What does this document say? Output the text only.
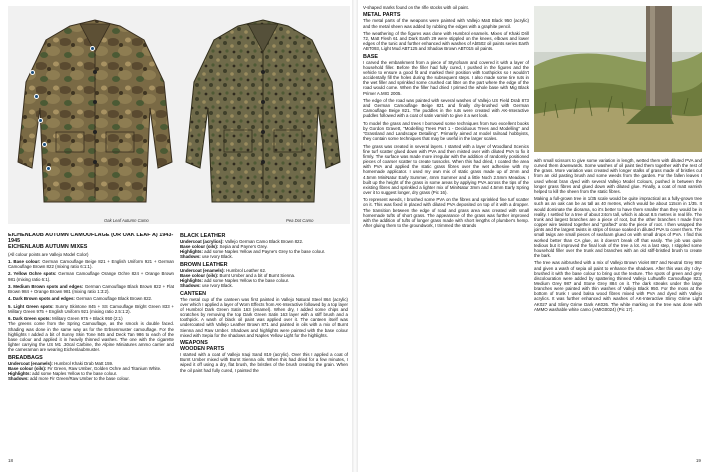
Oak Leaf Autumn Camo	Pea Dot Camo
EICHENLAUB AUTUMN CAMOUFLAGE (OR OAK LEAF A) 1943-1945
EICHENLAUB AUTUMN MIXES

(All colour points are Vallejo Model Color)

1. Base colour: German Camouflage Beige 821 + English Uniform 921 + German Camouflage Brown 822 (mixing ratio 6:1:1).

2. Yellow Ochre spots: German Camouflage Orange Ochre 824 + Orange Brown 981 (mixing ratio 6:1).

3. Medium Brown spots and edges: German Camouflage Black Brown 822 + Flat Brown 984 + Orange Brown 981 (mixing ratio 1:3:2).

4. Dark Brown spots and edges: German Camouflage Black Brown 822.

5. Light Green spots: Sunny Skintone 845 + SS Camouflage Bright Green 833 + Military Green 975 + English Uniform 921 (mixing ratio 2.5:1:2).

6. Dark Green spots: Military Green 975 + Black 950 (2:1)

The greens come from the Spring Camouflage, as the smock is double faced. Shading was done in the same way as for the Erbsenmuster camouflage. For the highlights I added a bit of Sunny Skin Tone 845 and Deck Tan 986 to each of the base colour and applied it in heavily thinned washes. The one with the cigarette lighter carrying the US M1 .30cal Carbine, the Alpine Miniatures ammo carrier and the cameraman are wearing Eichenlaubmuster.

BREADBAGS

Undercoat (enamels): Humbrol Khaki Drab Matt 159.

Base colour (oils): Fir Green, Raw Umber, Golden Ochre and Titanium White.

Highlights: add some Naples Yellow to the base colour.

Shadows: add more Fir Green/Raw Umber to the base colour.

BLACK LEATHER

Undercoat (acrylics): Vallejo German Camo Black Brown 822.

Base colour (oils): Sepia and Payne's Grey.

Highlights: add some Naples Yellow and Payne's Grey to the base colour.

Shadows: use Ivory Black.

BROWN LEATHER

Undercoat (enamels): Humbrol Leather 62.

Base colour (oils): Burnt Umber and a bit of Burnt Sienna.

Highlights: add some Naples Yellow to the base colour.

Shadows: use Ivory Black.

CANTEEN

The metal cup of the canteen was first painted in Vallejo Natural Steel 864 (acrylic) over which I applied a layer of Worn Effects from AK-Interactive followed by a top layer of Humbrol Dark Green Satin 163 (enamel). When dry, I added some chips and scratches by removing the top Dark Green Satin 163 layer with a stiff brush and a toothpick. A wash of black oil paint was applied over it. The canteen itself was undercoated with Vallejo Leather Brown 871 and painted in oils with a mix of Burnt Sienna and Raw Umber. Shadows and highlights were painted with the base colour mixed with Sepia for the shadows and Naples Yellow Light for the highlights.

WEAPONS
WOODEN PARTS

I started with a coat of Vallejo Iraqi Sand 819 (acrylic). Over this I applied a coat of Burnt Umber mixed with Burnt Sienna oils. When this had dried for a few minutes, I wiped it off using a dry, flat brush, the bristles of the brush creating the grain. When the oil paint had fully cured, I painted the

V-shaped marks found on the rifle stocks with oil paint.

METAL PARTS

The metal parts of the weapons were painted with Vallejo Matt Black 950 (acrylic) and the metal sheen was added by rubbing the edges with a graphite pencil.

The weathering of the figures was done with Humbrol enamels. Mixes of Khaki Drill 72, Matt Flesh 61 and Dark Earth 29 were stippled on the knees, elbows and lower edges of the tunic and further enhanced with washes of Abt502 oil paints series Earth ABT093, Light Mud ABT125 and Shadow Brown ABT015 oil paints.

BASE

I carved the embankment from a piece of Styrofoam and covered it with a layer of household filler. Before the filler had fully cured, I pushed in the figures and the vehicle to ensure a good fit and marked their position with toothpicks so I wouldn't accidentally fill the holes during the subsequent steps. I also made some tire ruts in the wet filler and sprinkled some crushed cat litter on the part where the edge of the road would come. When the filler had dried I primed the whole base with Mig Black Primer A.MIG 2005.

The edge of the road was painted with several washes of Vallejo US Field Drab 873 and German Camouflage Beige 821 and finally dry-brushed with German Camouflage Beige 821. The puddles in the ruts were created with AK-Interactive puddles followed with a coat of satin varnish to give it a wet look.

To model the grass and trees I borrowed some techniques from two excellent books by Gordon Gravett, "Modelling Trees Part 1 - Deciduous Trees and Modelling" and "Grassland and Landscape Detailing". Primarily aimed at model railroad hobbyists, they contain some techniques that may be useful in the larger scales.

The grass was created in several layers. I started with a layer of Woodland Scenics fine turf scatter glued down with PVA and then misted over with diluted PVA to fix it firmly. The surface was made more irregular with the addition of randomly positioned pieces of coarser scatter to create tussocks. When this had dried, I coated the area with PVA and applied the static grass fibres over the wet adhesive with my homemade applicator. I used my own mix of static grass made up of 2mm and 4.5mm MiniNatur Early Summer, 4mm Summer and a little Noch 2.5mm Meadow. I built up the height of the grass in some areas by applying PVA across the tips of the existing fibres and sprinkled a lighter mix of MiniNatur 3mm and 4.5mm Early Spring over it to suggest longer, dry grass (Pic 16).

To represent weeds, I brushed some PVA on the fibres and sprinkled fine turf scatter on it. This was fixed in placed with diluted PVA deposited on top of it with a dropper. The transition between the edge of road and grass area was created with small homemade tufts of short grass. The appearance of the grass was further improved with the addition of tufts of longer grass made with short lengths of plumber's hemp. After gluing them to the groundwork, I trimmed the strands

with small scissors to give some variation in length, wetted them with diluted PVA and curved them downwards. Some washes of oil paint tied them together with the rest of the grass. More variation was created with longer stalks of grass made of bristles cut from an old pasting brush and some weeds from the garden. For the fallen leaves I used wheat bran dyed with several Vallejo Model Colours, pushed in between the longer grass fibres and glued down with diluted glue. Finally, a coat of matt varnish helped to kill the sheen from the static fibres.

Making a full-grown tree in 1/35 scale would be quite impractical as a fully-grown tree such as an oak can be as tall as 40 metres, which would be about 115cm in 1/35. It would dominate the diorama, so it's better to have them smaller than they would be in reality. I settled for a tree of about 24cm tall, which is about 8.5 metres in real life. The trunk and largest branches are a piece of root, but the other branches I made from copper wire twisted together and "grafted" onto the piece of root. I then wrapped the joints and the largest twists in strips of tissue soaked in diluted PVA to cover them. The small twigs are small pieces of seafoam glued on with small drops of PVA. I find this worked better than CA glue, as it doesn't break off that easily. The job was quite tedious but it improved the final look of the tree a lot. As a last step, I stippled some household filler over the trunk and branches with an old stiff-bristled brush to create the bark.

The tree was airbrushed with a mix of Vallejo Brown Violet 887 and Neutral Grey 992 and given a wash of sepia oil paint to enhance the shadows. After this was dry I dry-brushed it with the base colour to bring out the texture. The spots of green and grey discolouration were added by spattering thinned Vallejo Luftwaffe Camouflage 823, Medium Grey 987 and Stone Grey 884 on it. The dark streaks under the large branches were painted with thin washes of Vallejo Black 950. For the moss at the bottom of trunk I used balsa wood fibres mixed with PVA and dyed with Vallejo acrylics. It was further enhanced with washes of AK-Interactive Slimy Grime Light AK027 and Slimy Grime Dark AK026. The white marking on the tree was done with AMMO washable white camo (AMIG0024) (Pic 17).

18	19
